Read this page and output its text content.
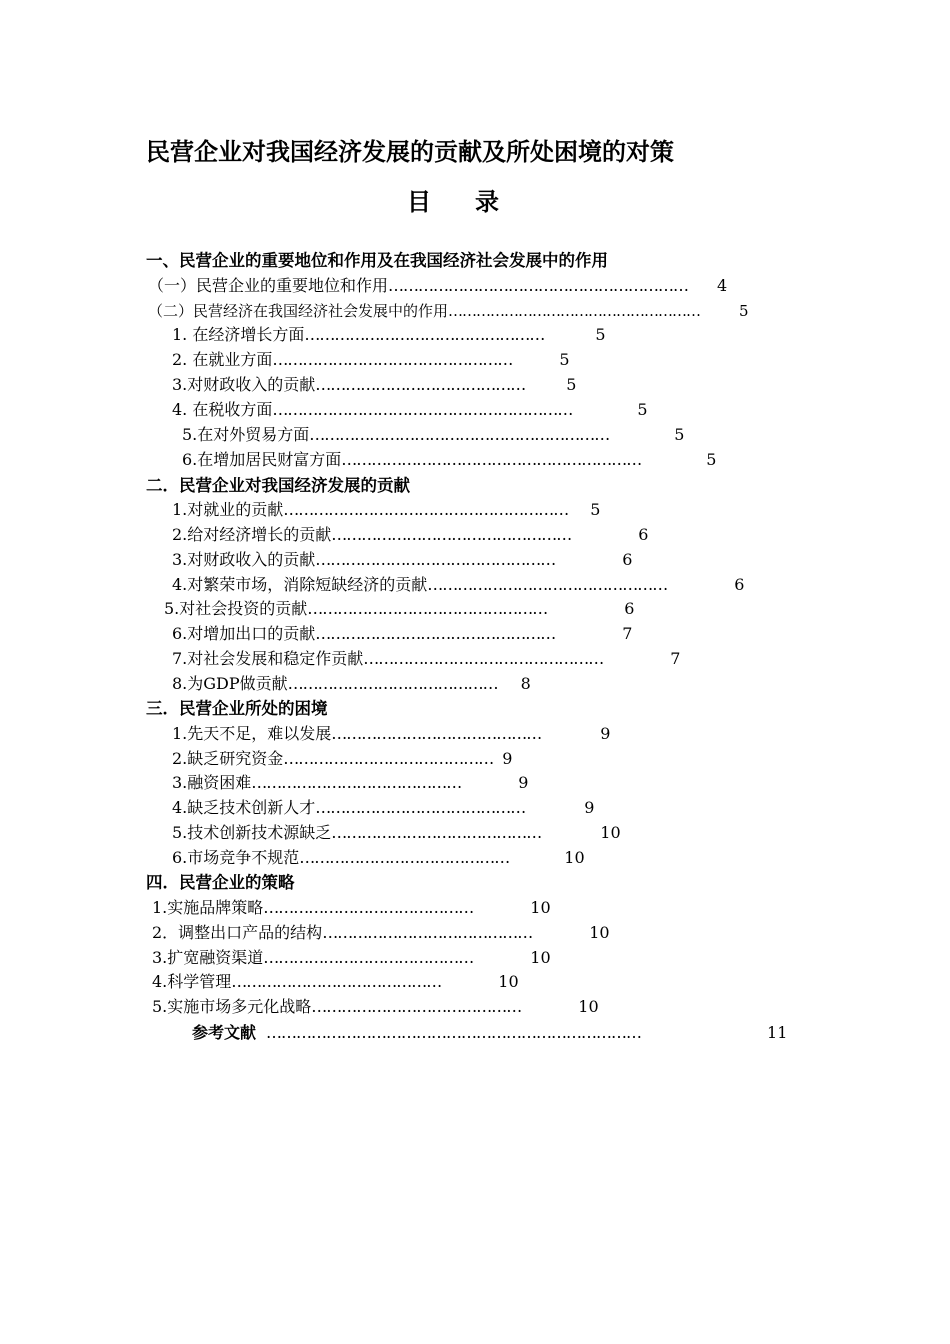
民营企业对我国经济发展的贡献及所处困境的对策
目 录
一、民营企业的重要地位和作用及在我国经济社会发展中的作用
（一）民营企业的重要地位和作用…………………………………………………… 4
（二）民营经济在我国经济社会发展中的作用………………………………………………	5
1. 在经济增长方面…………………………………………	5
2. 在就业方面…………………………………………	5
3.对财政收入的贡献……………………………………	5
4. 在税收方面……………………………………………………	5
5.在对外贸易方面……………………………………………………	5
6.在增加居民财富方面……………………………………………………	5
二．民营企业对我国经济发展的贡献
1.对就业的贡献………………………………………………… 5
2.给对经济增长的贡献…………………………………………	6
3.对财政收入的贡献…………………………………………	6
4.对繁荣市场，消除短缺经济的贡献…………………………………………	6
5.对社会投资的贡献…………………………………………	6
6.对增加出口的贡献…………………………………………	7
7.对社会发展和稳定作贡献…………………………………………	7
8.为GDP做贡献…………………………………… 8
三．民营企业所处的困境
1.先天不足，难以发展……………………………………	9
2.缺乏研究资金…………………………………… 9
3.融资困难……………………………………	9
4.缺乏技术创新人才……………………………………	9
5.技术创新技术源缺乏……………………………………	10
6.市场竞争不规范……………………………………	10
四．民营企业的策略
1.实施品牌策略……………………………………	10
2．调整出口产品的结构……………………………………	10
3.扩宽融资渠道……………………………………	10
4.科学管理……………………………………	10
5.实施市场多元化战略……………………………………	10
参考文献 …………………………………………………………………	11
